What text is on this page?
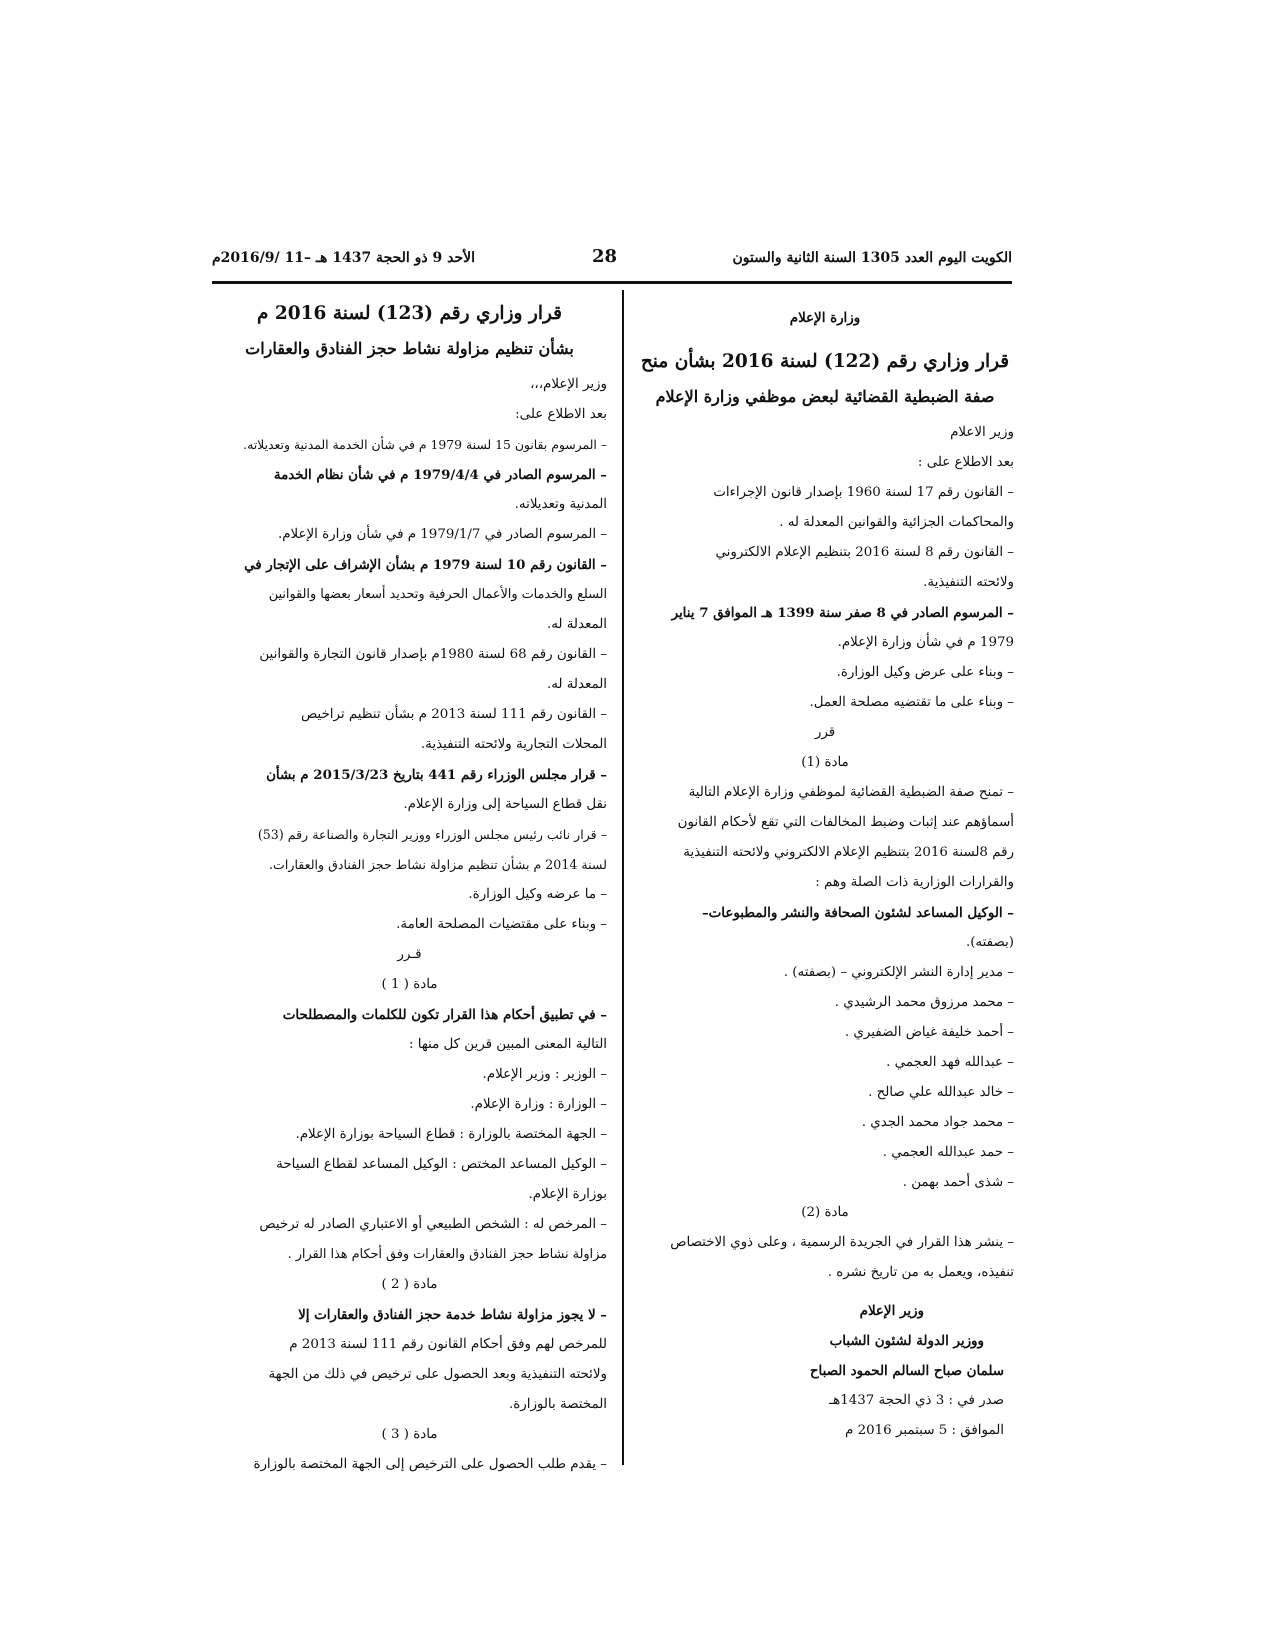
الكويت اليوم العدد 1305 السنة الثانية والستون
28
الأحد 9 ذو الحجة 1437 هـ –11 /2016/9م

وزارة الإعلام

قرار وزاري رقم (122) لسنة 2016 بشأن منح

صفة الضبطية القضائية لبعض موظفي وزارة الإعلام

وزير الاعلام

بعد الاطلاع على :

– القانون رقم 17 لسنة 1960 بإصدار قانون الإجراءات

والمحاكمات الجزائية والقوانين المعدلة له .

– القانون رقم 8 لسنة 2016 بتنظيم الإعلام الالكتروني

ولائحته التنفيذية.

– المرسوم الصادر في 8 صفر سنة 1399 هـ الموافق 7 يناير

1979 م في شأن وزارة الإعلام.

– وبناء على عرض وكيل الوزارة.

– وبناء على ما تقتضيه مصلحة العمل.

قرر

مادة (1)

– تمنح صفة الضبطية القضائية لموظفي وزارة الإعلام التالية

أسماؤهم عند إثبات وضبط المخالفات التي تقع لأحكام القانون

رقم 8لسنة 2016 بتنظيم الإعلام الالكتروني ولائحته التنفيذية

والقرارات الوزارية ذات الصلة وهم :

– الوكيل المساعد لشئون الصحافة والنشر والمطبوعات–

(بصفته).

– مدير إدارة النشر الإلكتروني – (بصفته) .

– محمد مرزوق محمد الرشيدي .

– أحمد خليفة غياض الضفيري .

– عبدالله فهد العجمي .

– خالد عبدالله علي صالح .

– محمد جواد محمد الجدي .

– حمد عبدالله العجمي .

– شذى أحمد بهمن .

مادة (2)

– ينشر هذا القرار في الجريدة الرسمية ، وعلى ذوي الاختصاص

تنفيذه، ويعمل به من تاريخ نشره .

وزير الإعلام

ووزير الدولة لشئون الشباب

سلمان صباح السالم الحمود الصباح

صدر في : 3 ذي الحجة 1437هـ

الموافق : 5 سبتمبر 2016 م

قرار وزاري رقم (123) لسنة 2016 م

بشأن تنظيم مزاولة نشاط حجز الفنادق والعقارات

وزير الإعلام،،،

بعد الاطلاع على:

– المرسوم بقانون 15 لسنة 1979 م في شأن الخدمة المدنية وتعديلاته.

– المرسوم الصادر في 1979/4/4 م في شأن نظام الخدمة

المدنية وتعديلاته.

– المرسوم الصادر في 1979/1/7 م في شأن وزارة الإعلام.

– القانون رقم 10 لسنة 1979 م بشأن الإشراف على الإتجار في

السلع والخدمات والأعمال الحرفية وتحديد أسعار بعضها والقوانين

المعدلة له.

– القانون رقم 68 لسنة 1980م بإصدار قانون التجارة والقوانين

المعدلة له.

– القانون رقم 111 لسنة 2013 م بشأن تنظيم تراخيص

المحلات التجارية ولائحته التنفيذية.

– قرار مجلس الوزراء رقم 441 بتاريخ 2015/3/23 م بشأن

نقل قطاع السياحة إلى وزارة الإعلام.

– قرار نائب رئيس مجلس الوزراء ووزير التجارة والصناعة رقم (53)

لسنة 2014 م بشأن تنظيم مزاولة نشاط حجز الفنادق والعقارات.

– ما عرضه وكيل الوزارة.

– وبناء على مقتضيات المصلحة العامة.

قـرر

مادة ( 1 )

– في تطبيق أحكام هذا القرار تكون للكلمات والمصطلحات

التالية المعنى المبين قرين كل منها :

– الوزير : وزير الإعلام.

– الوزارة : وزارة الإعلام.

– الجهة المختصة بالوزارة : قطاع السياحة بوزارة الإعلام.

– الوكيل المساعد المختص : الوكيل المساعد لقطاع السياحة

بوزارة الإعلام.

– المرخص له : الشخص الطبيعي أو الاعتباري الصادر له ترخيص

مزاولة نشاط حجز الفنادق والعقارات وفق أحكام هذا القرار .

مادة ( 2 )

– لا يجوز مزاولة نشاط خدمة حجز الفنادق والعقارات إلا

للمرخص لهم وفق أحكام القانون رقم 111 لسنة 2013 م

ولائحته التنفيذية وبعد الحصول على ترخيص في ذلك من الجهة

المختصة بالوزارة.

مادة ( 3 )

– يقدم طلب الحصول على الترخيص إلى الجهة المختصة بالوزارة
